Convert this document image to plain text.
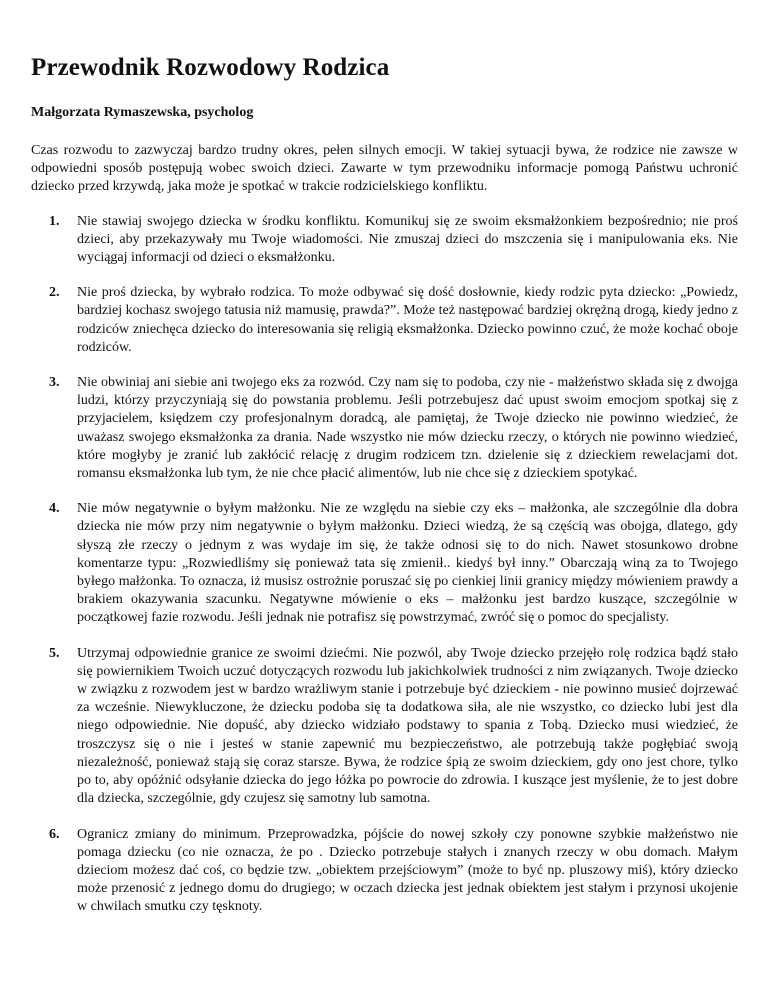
Przewodnik Rozwodowy Rodzica

Małgorzata Rymaszewska, psycholog

Czas rozwodu to zazwyczaj bardzo trudny okres, pełen silnych emocji. W takiej sytuacji bywa, że rodzice nie zawsze w odpowiedni sposób postępują wobec swoich dzieci. Zawarte w tym przewodniku informacje pomogą Państwu uchronić dziecko przed krzywdą, jaka może je spotkać w trakcie rodzicielskiego konfliktu.

1. Nie stawiaj swojego dziecka w środku konfliktu. Komunikuj się ze swoim eksmałżonkiem bezpośrednio; nie proś dzieci, aby przekazywały mu Twoje wiadomości. Nie zmuszaj dzieci do mszczenia się i manipulowania eks. Nie wyciągaj informacji od dzieci o eksmałżonku.
2. Nie proś dziecka, by wybrało rodzica. To może odbywać się dość dosłownie, kiedy rodzic pyta dziecko: „Powiedz, bardziej kochasz swojego tatusia niż mamusię, prawda?”. Może też następować bardziej okrężną drogą, kiedy jedno z rodziców zniechęca dziecko do interesowania się religią eksmałżonka. Dziecko powinno czuć, że może kochać oboje rodziców.
3. Nie obwiniaj ani siebie ani twojego eks za rozwód. Czy nam się to podoba, czy nie - małżeństwo składa się z dwojga ludzi, którzy przyczyniają się do powstania problemu. Jeśli potrzebujesz dać upust swoim emocjom spotkaj się z przyjacielem, księdzem czy profesjonalnym doradcą, ale pamiętaj, że Twoje dziecko nie powinno wiedzieć, że uważasz swojego eksmałżonka za drania. Nade wszystko nie mów dziecku rzeczy, o których nie powinno wiedzieć, które mogłyby je zranić lub zakłócić relację z drugim rodzicem tzn. dzielenie się z dzieckiem rewelacjami dot. romansu eksmałżonka lub tym, że nie chce płacić alimentów, lub nie chce się z dzieckiem spotykać.
4. Nie mów negatywnie o byłym małżonku. Nie ze względu na siebie czy eks – małżonka, ale szczególnie dla dobra dziecka nie mów przy nim negatywnie o byłym małżonku. Dzieci wiedzą, że są częścią was obojga, dlatego, gdy słyszą złe rzeczy o jednym z was wydaje im się, że także odnosi się to do nich. Nawet stosunkowo drobne komentarze typu: „Rozwiedliśmy się ponieważ tata się zmienił.. kiedyś był inny.” Obarczają winą za to Twojego byłego małżonka. To oznacza, iż musisz ostrożnie poruszać się po cienkiej linii granicy między mówieniem prawdy a brakiem okazywania szacunku. Negatywne mówienie o eks – małżonku jest bardzo kuszące, szczególnie w początkowej fazie rozwodu. Jeśli jednak nie potrafisz się powstrzymać, zwróć się o pomoc do specjalisty.
5. Utrzymaj odpowiednie granice ze swoimi dziećmi. Nie pozwól, aby Twoje dziecko przejęło rolę rodzica bądź stało się powiernikiem Twoich uczuć dotyczących rozwodu lub jakichkolwiek trudności z nim związanych. Twoje dziecko w związku z rozwodem jest w bardzo wrażliwym stanie i potrzebuje być dzieckiem - nie powinno musieć dojrzewać za wcześnie. Niewykluczone, że dziecku podoba się ta dodatkowa siła, ale nie wszystko, co dziecko lubi jest dla niego odpowiednie. Nie dopuść, aby dziecko widziało podstawy to spania z Tobą. Dziecko musi wiedzieć, że troszczysz się o nie i jesteś w stanie zapewnić mu bezpieczeństwo, ale potrzebują także pogłębiać swoją niezależność, ponieważ stają się coraz starsze. Bywa, że rodzice śpią ze swoim dzieckiem, gdy ono jest chore, tylko po to, aby opóźnić odsyłanie dziecka do jego łóżka po powrocie do zdrowia. I kuszące jest myślenie, że to jest dobre dla dziecka, szczególnie, gdy czujesz się samotny lub samotna.
6. Ogranicz zmiany do minimum. Przeprowadzka, pójście do nowej szkoły czy ponowne szybkie małżeństwo nie pomaga dziecku (co nie oznacza, że po . Dziecko potrzebuje stałych i znanych rzeczy w obu domach. Małym dzieciom możesz dać coś, co będzie tzw. „obiektem przejściowym” (może to być np. pluszowy miś), który dziecko może przenosić z jednego domu do drugiego; w oczach dziecka jest jednak obiektem jest stałym i przynosi ukojenie w chwilach smutku czy tęsknoty.
